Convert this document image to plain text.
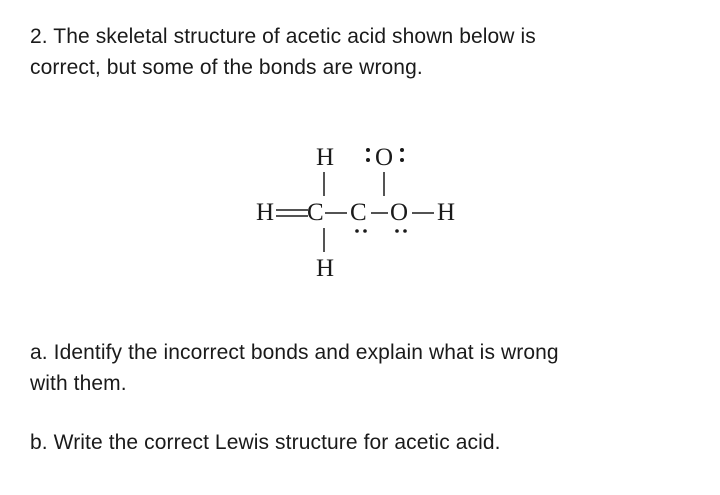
2. The skeletal structure of acetic acid shown below is
correct, but some of the bonds are wrong.
H O
H C C O H
H
a. Identify the incorrect bonds and explain what is wrong
with them.
b. Write the correct Lewis structure for acetic acid.
